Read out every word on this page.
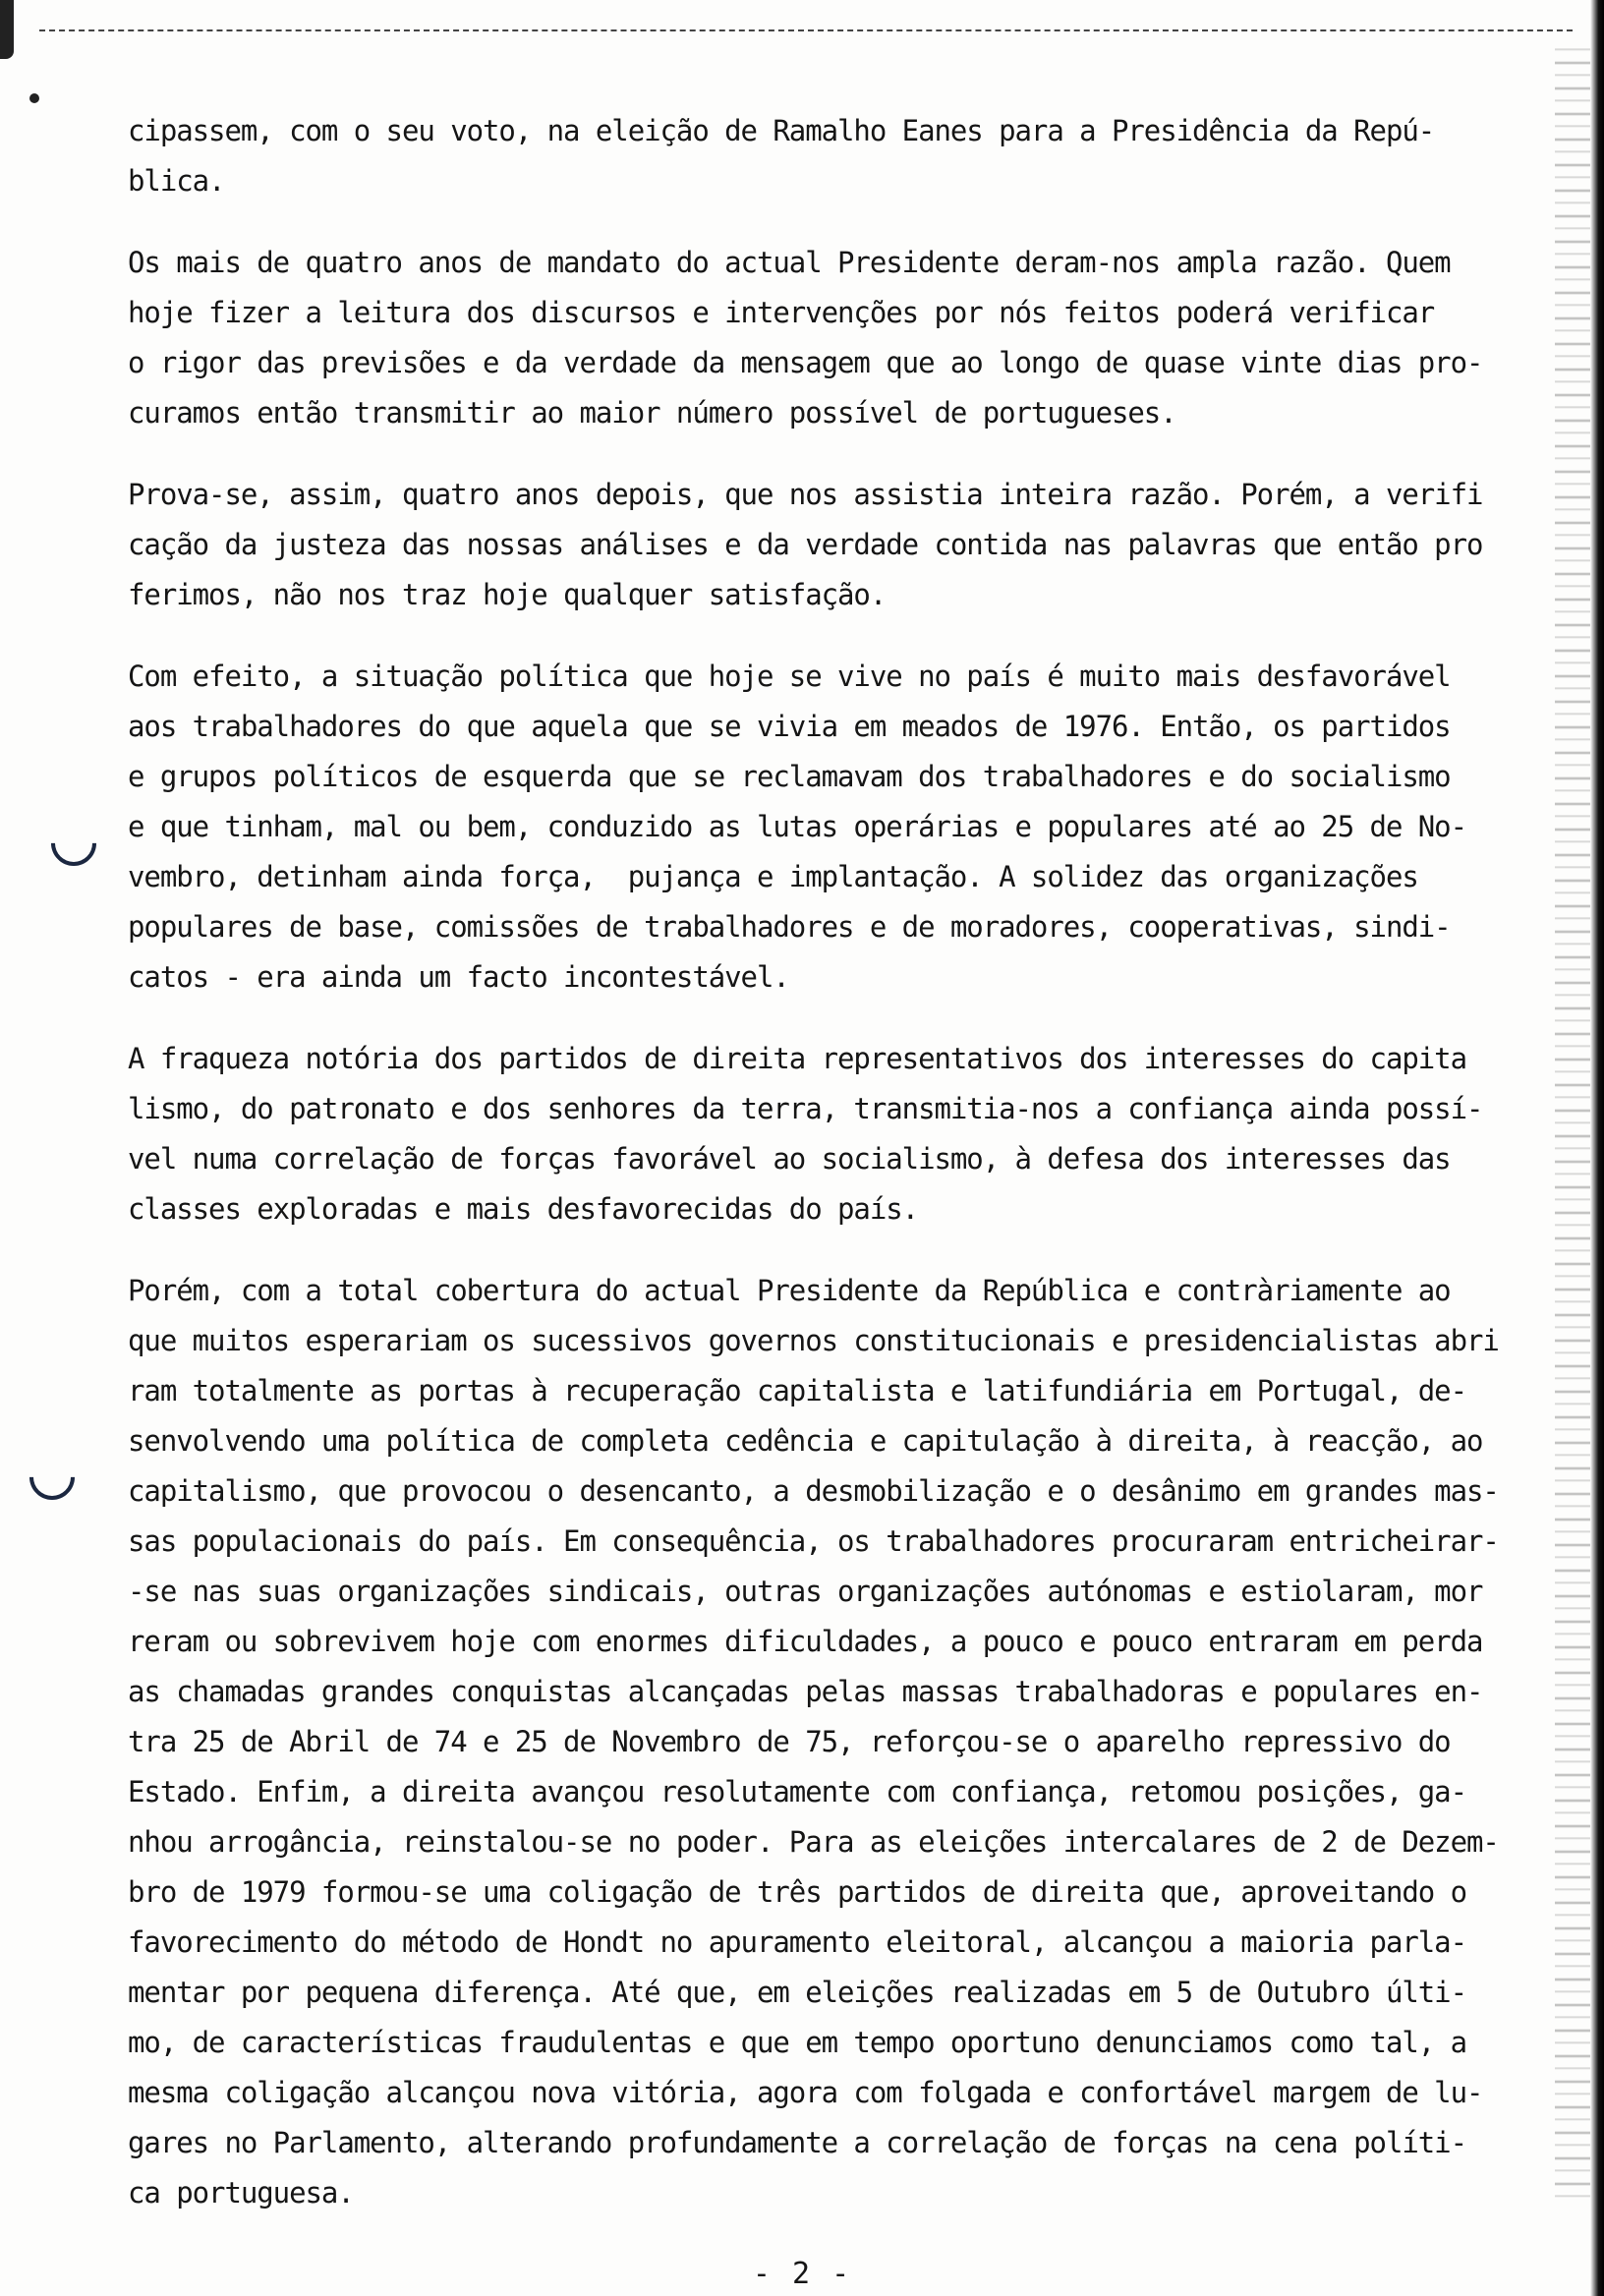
cipassem, com o seu voto, na eleição de Ramalho Eanes para a Presidência da Repú-
blica.
Os mais de quatro anos de mandato do actual Presidente deram-nos ampla razão. Quem
hoje fizer a leitura dos discursos e intervenções por nós feitos poderá verificar
o rigor das previsões e da verdade da mensagem que ao longo de quase vinte dias pro-
curamos então transmitir ao maior número possível de portugueses.
Prova-se, assim, quatro anos depois, que nos assistia inteira razão. Porém, a verifi
cação da justeza das nossas análises e da verdade contida nas palavras que então pro
ferimos, não nos traz hoje qualquer satisfação.
Com efeito, a situação política que hoje se vive no país é muito mais desfavorável
aos trabalhadores do que aquela que se vivia em meados de 1976. Então, os partidos
e grupos políticos de esquerda que se reclamavam dos trabalhadores e do socialismo
e que tinham, mal ou bem, conduzido as lutas operárias e populares até ao 25 de No-
vembro, detinham ainda força,  pujança e implantação. A solidez das organizações
populares de base, comissões de trabalhadores e de moradores, cooperativas, sindi-
catos - era ainda um facto incontestável.
A fraqueza notória dos partidos de direita representativos dos interesses do capita
lismo, do patronato e dos senhores da terra, transmitia-nos a confiança ainda possí-
vel numa correlação de forças favorável ao socialismo, à defesa dos interesses das
classes exploradas e mais desfavorecidas do país.
Porém, com a total cobertura do actual Presidente da República e contràriamente ao
que muitos esperariam os sucessivos governos constitucionais e presidencialistas abri
ram totalmente as portas à recuperação capitalista e latifundiária em Portugal, de-
senvolvendo uma política de completa cedência e capitulação à direita, à reacção, ao
capitalismo, que provocou o desencanto, a desmobilização e o desânimo em grandes mas-
sas populacionais do país. Em consequência, os trabalhadores procuraram entricheirar-
-se nas suas organizações sindicais, outras organizações autónomas e estiolaram, mor
reram ou sobrevivem hoje com enormes dificuldades, a pouco e pouco entraram em perda
as chamadas grandes conquistas alcançadas pelas massas trabalhadoras e populares en-
tra 25 de Abril de 74 e 25 de Novembro de 75, reforçou-se o aparelho repressivo do
Estado. Enfim, a direita avançou resolutamente com confiança, retomou posições, ga-
nhou arrogância, reinstalou-se no poder. Para as eleições intercalares de 2 de Dezem-
bro de 1979 formou-se uma coligação de três partidos de direita que, aproveitando o
favorecimento do método de Hondt no apuramento eleitoral, alcançou a maioria parla-
mentar por pequena diferença. Até que, em eleições realizadas em 5 de Outubro últi-
mo, de características fraudulentas e que em tempo oportuno denunciamos como tal, a
mesma coligação alcançou nova vitória, agora com folgada e confortável margem de lu-
gares no Parlamento, alterando profundamente a correlação de forças na cena políti-
ca portuguesa.
- 2 -
